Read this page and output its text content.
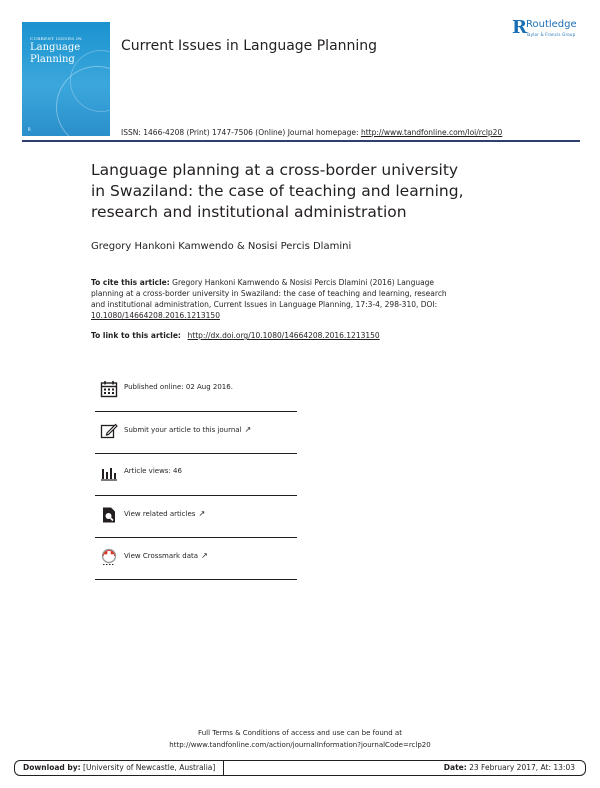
CURRENT ISSUES IN
Language
Planning
R
Current Issues in Language Planning
R Routledge
Taylor & Francis Group
ISSN: 1466-4208 (Print) 1747-7506 (Online) Journal homepage: http://www.tandfonline.com/loi/rclp20
Language planning at a cross-border university
in Swaziland: the case of teaching and learning,
research and institutional administration
Gregory Hankoni Kamwendo & Nosisi Percis Dlamini
To cite this article: Gregory Hankoni Kamwendo & Nosisi Percis Dlamini (2016) Language
planning at a cross-border university in Swaziland: the case of teaching and learning, research
and institutional administration, Current Issues in Language Planning, 17:3-4, 298-310, DOI:
10.1080/14664208.2016.1213150
To link to this article: http://dx.doi.org/10.1080/14664208.2016.1213150
Published online: 02 Aug 2016.
Submit your article to this journal ↗
Article views: 46
View related articles ↗
View Crossmark data ↗
Full Terms & Conditions of access and use can be found at
http://www.tandfonline.com/action/journalInformation?journalCode=rclp20
Download by: [University of Newcastle, Australia]	Date: 23 February 2017, At: 13:03
